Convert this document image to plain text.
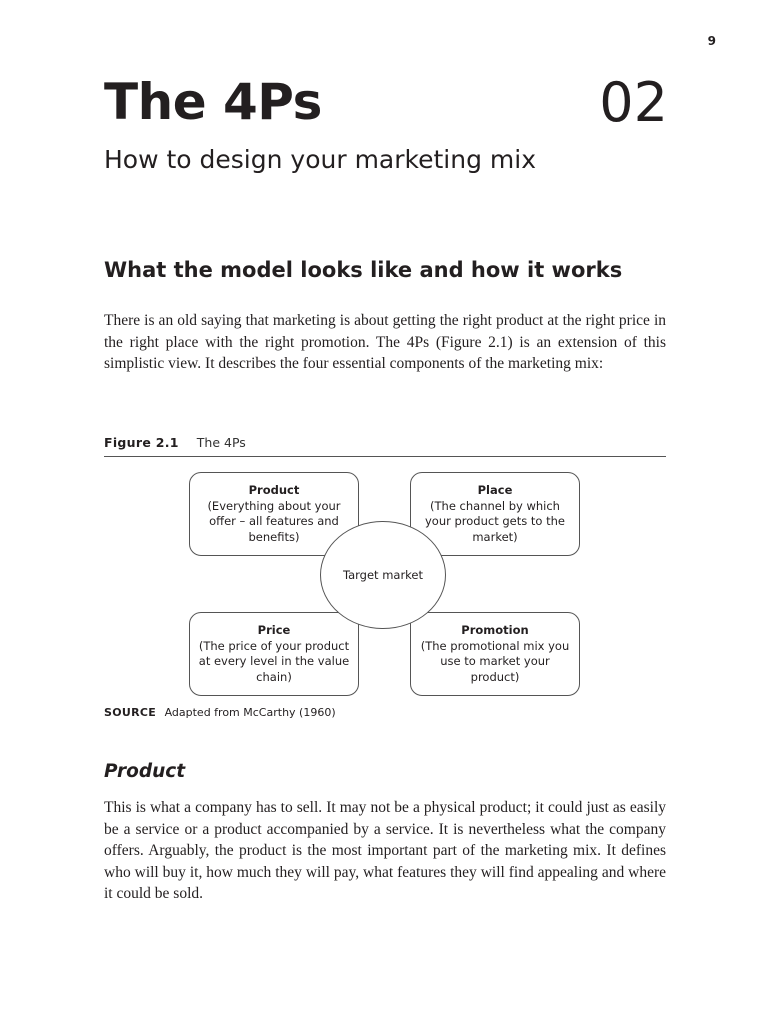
9
The 4Ps	02
How to design your marketing mix
What the model looks like and how it works

There is an old saying that marketing is about getting the right product at the right price in the right place with the right promotion. The 4Ps (Figure 2.1) is an extension of this simplistic view. It describes the four essential components of the marketing mix:

Figure 2.1 The 4Ps
Product
(Everything about your offer – all features and benefits)
Place
(The channel by which your product gets to the market)
Price
(The price of your product at every level in the value chain)
Promotion
(The promotional mix you use to market your product)
Target market
SOURCE Adapted from McCarthy (1960)
Product

This is what a company has to sell. It may not be a physical product; it could just as easily be a service or a product accompanied by a service. It is nevertheless what the company offers. Arguably, the product is the most important part of the marketing mix. It defines who will buy it, how much they will pay, what features they will find appealing and where it could be sold.
